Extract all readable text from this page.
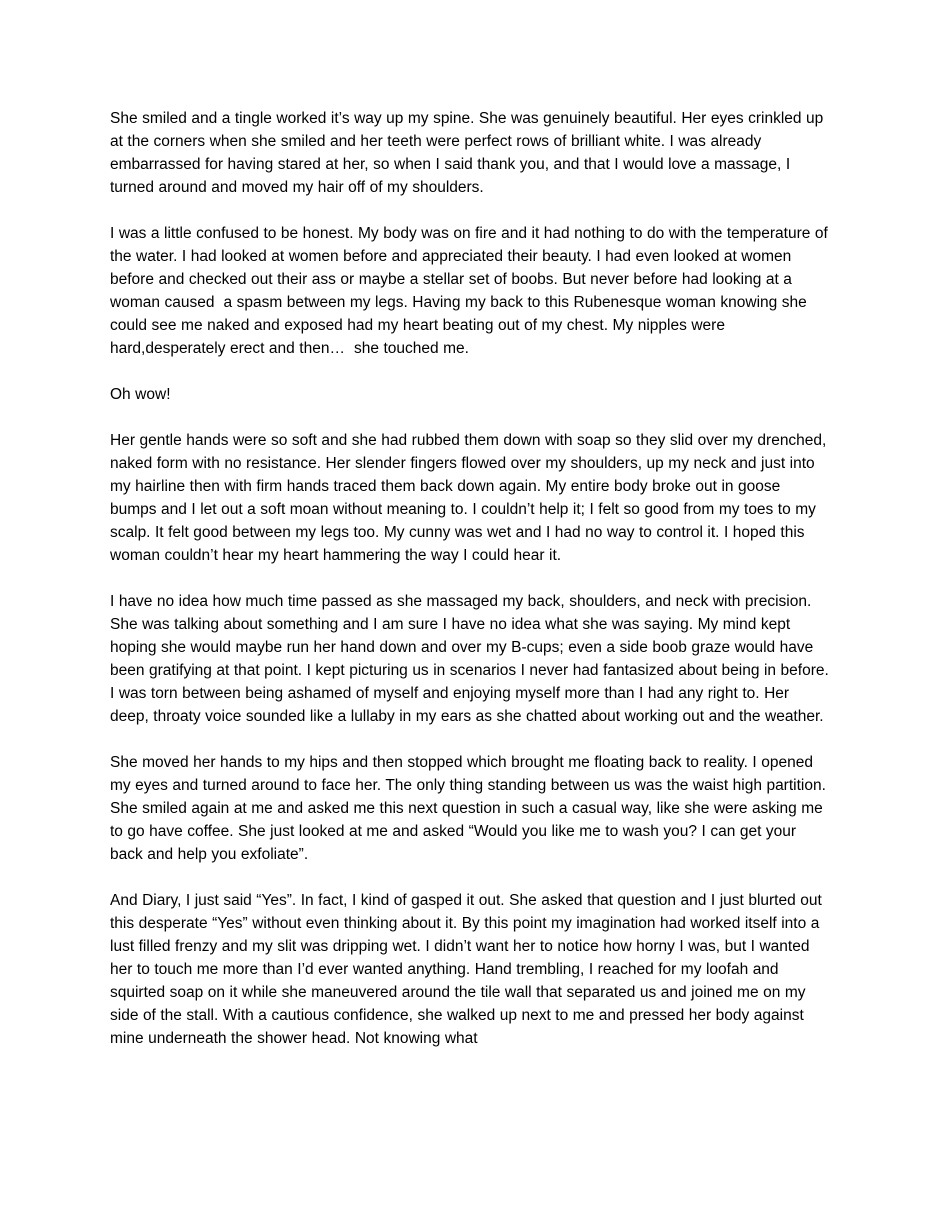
She smiled and a tingle worked it’s way up my spine. She was genuinely beautiful. Her eyes crinkled up at the corners when she smiled and her teeth were perfect rows of brilliant white. I was already embarrassed for having stared at her, so when I said thank you, and that I would love a massage, I turned around and moved my hair off of my shoulders.

I was a little confused to be honest. My body was on fire and it had nothing to do with the temperature of the water. I had looked at women before and appreciated their beauty. I had even looked at women before and checked out their ass or maybe a stellar set of boobs. But never before had looking at a woman caused  a spasm between my legs. Having my back to this Rubenesque woman knowing she could see me naked and exposed had my heart beating out of my chest. My nipples were hard,desperately erect and then…  she touched me.

Oh wow!

Her gentle hands were so soft and she had rubbed them down with soap so they slid over my drenched, naked form with no resistance. Her slender fingers flowed over my shoulders, up my neck and just into my hairline then with firm hands traced them back down again. My entire body broke out in goose bumps and I let out a soft moan without meaning to. I couldn’t help it; I felt so good from my toes to my scalp. It felt good between my legs too. My cunny was wet and I had no way to control it. I hoped this woman couldn’t hear my heart hammering the way I could hear it.

I have no idea how much time passed as she massaged my back, shoulders, and neck with precision. She was talking about something and I am sure I have no idea what she was saying. My mind kept hoping she would maybe run her hand down and over my B-cups; even a side boob graze would have been gratifying at that point. I kept picturing us in scenarios I never had fantasized about being in before. I was torn between being ashamed of myself and enjoying myself more than I had any right to. Her deep, throaty voice sounded like a lullaby in my ears as she chatted about working out and the weather.

She moved her hands to my hips and then stopped which brought me floating back to reality. I opened my eyes and turned around to face her. The only thing standing between us was the waist high partition. She smiled again at me and asked me this next question in such a casual way, like she were asking me to go have coffee. She just looked at me and asked “Would you like me to wash you? I can get your back and help you exfoliate”.

And Diary, I just said “Yes”. In fact, I kind of gasped it out. She asked that question and I just blurted out this desperate “Yes” without even thinking about it. By this point my imagination had worked itself into a lust filled frenzy and my slit was dripping wet. I didn’t want her to notice how horny I was, but I wanted her to touch me more than I’d ever wanted anything. Hand trembling, I reached for my loofah and squirted soap on it while she maneuvered around the tile wall that separated us and joined me on my side of the stall. With a cautious confidence, she walked up next to me and pressed her body against mine underneath the shower head. Not knowing what
